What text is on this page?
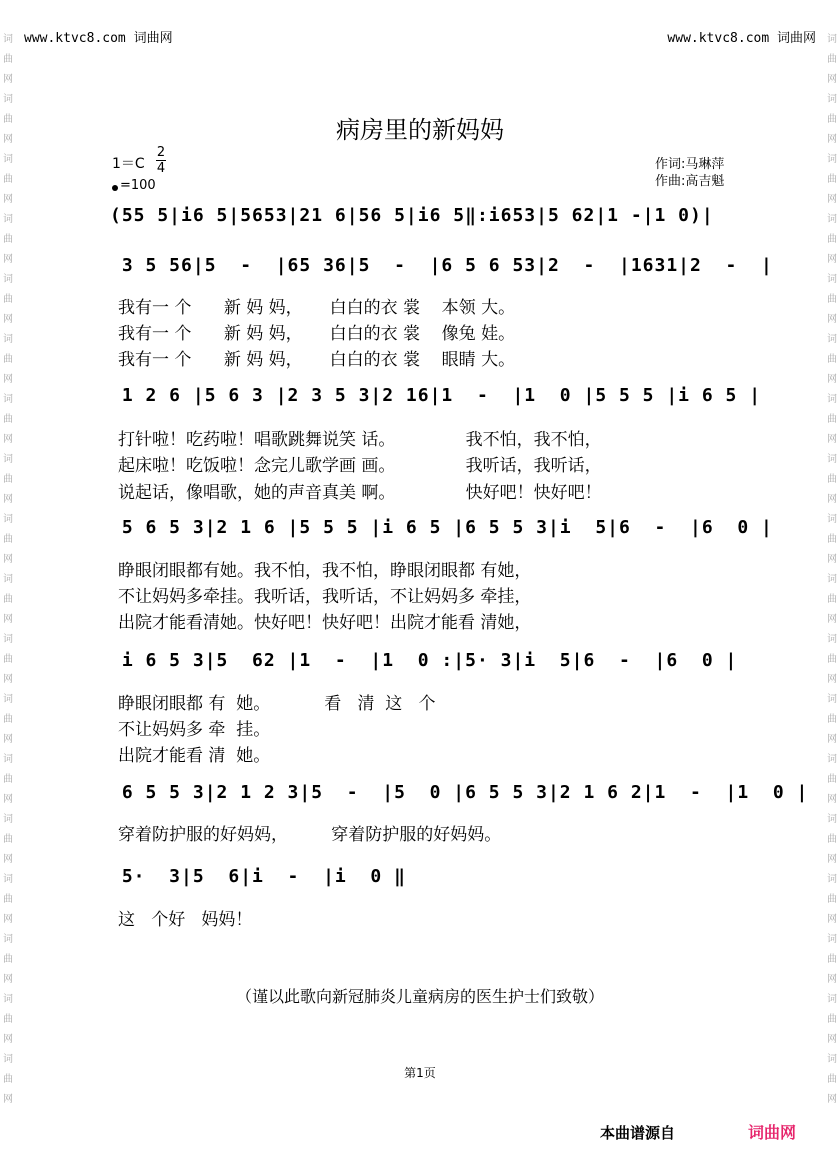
词
曲
网
词
曲
网
词
曲
网
词
曲
网
词
曲
网
词
曲
网
词
曲
网
词
曲
网
词
曲
网
词
曲
网
词
曲
网
词
曲
网
词
曲
网
词
曲
网
词
曲
网
词
曲
网
词
曲
网
词
曲
网
词
曲
网
词
曲
网
词
曲
网
词
曲
网
词
曲
网
词
曲
网
词
曲
网
词
曲
网
词
曲
网
词
曲
网
词
曲
网
词
曲
网
词
曲
网
词
曲
网
词
曲
网
词
曲
网
词
曲
网
词
曲
网
www.ktvc8.com 词曲网	www.ktvc8.com 词曲网
病房里的新妈妈
1＝C
2
4
=100
作词:马琳萍
作曲:高吉魁
(55 5|i6 5|5653|21 6|56 5|i6 5‖:i653|5 62|1 -|1 0)|
3 5 56|5  -  |65 36|5  -  |6 5 6 53|2  -  |1631|2  -  |
我有一 个      新 妈 妈，     白白的衣 裳    本领 大。
我有一 个      新 妈 妈，     白白的衣 裳    像兔 娃。
我有一 个      新 妈 妈，     白白的衣 裳    眼睛 大。
1 2 6 |5 6 3 |2 3 5 3|2 16|1  -  |1  0 |5 5 5 |i 6 5 |
打针啦！吃药啦！唱歌跳舞说笑 话。             我不怕，我不怕，
起床啦！吃饭啦！念完儿歌学画 画。             我听话，我听话，
说起话，像唱歌，她的声音真美 啊。             快好吧！快好吧！
5 6 5 3|2 1 6 |5 5 5 |i 6 5 |6 5 5 3|i  5|6  -  |6  0 |
睁眼闭眼都有她。我不怕，我不怕，睁眼闭眼都 有她，
不让妈妈多牵挂。我听话，我听话，不让妈妈多 牵挂，
出院才能看清她。快好吧！快好吧！出院才能看 清她，
i 6 5 3|5  62 |1  -  |1  0 :|5· 3|i  5|6  -  |6  0 |
睁眼闭眼都 有  她。          看   清  这   个
不让妈妈多 牵  挂。
出院才能看 清  她。
6 5 5 3|2 1 2 3|5  -  |5  0 |6 5 5 3|2 1 6 2|1  -  |1  0 |
穿着防护服的好妈妈，        穿着防护服的好妈妈。
5·  3|5  6|i  -  |i  0 ‖
这   个好   妈妈！
（谨以此歌向新冠肺炎儿童病房的医生护士们致敬）
第1页
本曲谱源自	词曲网
